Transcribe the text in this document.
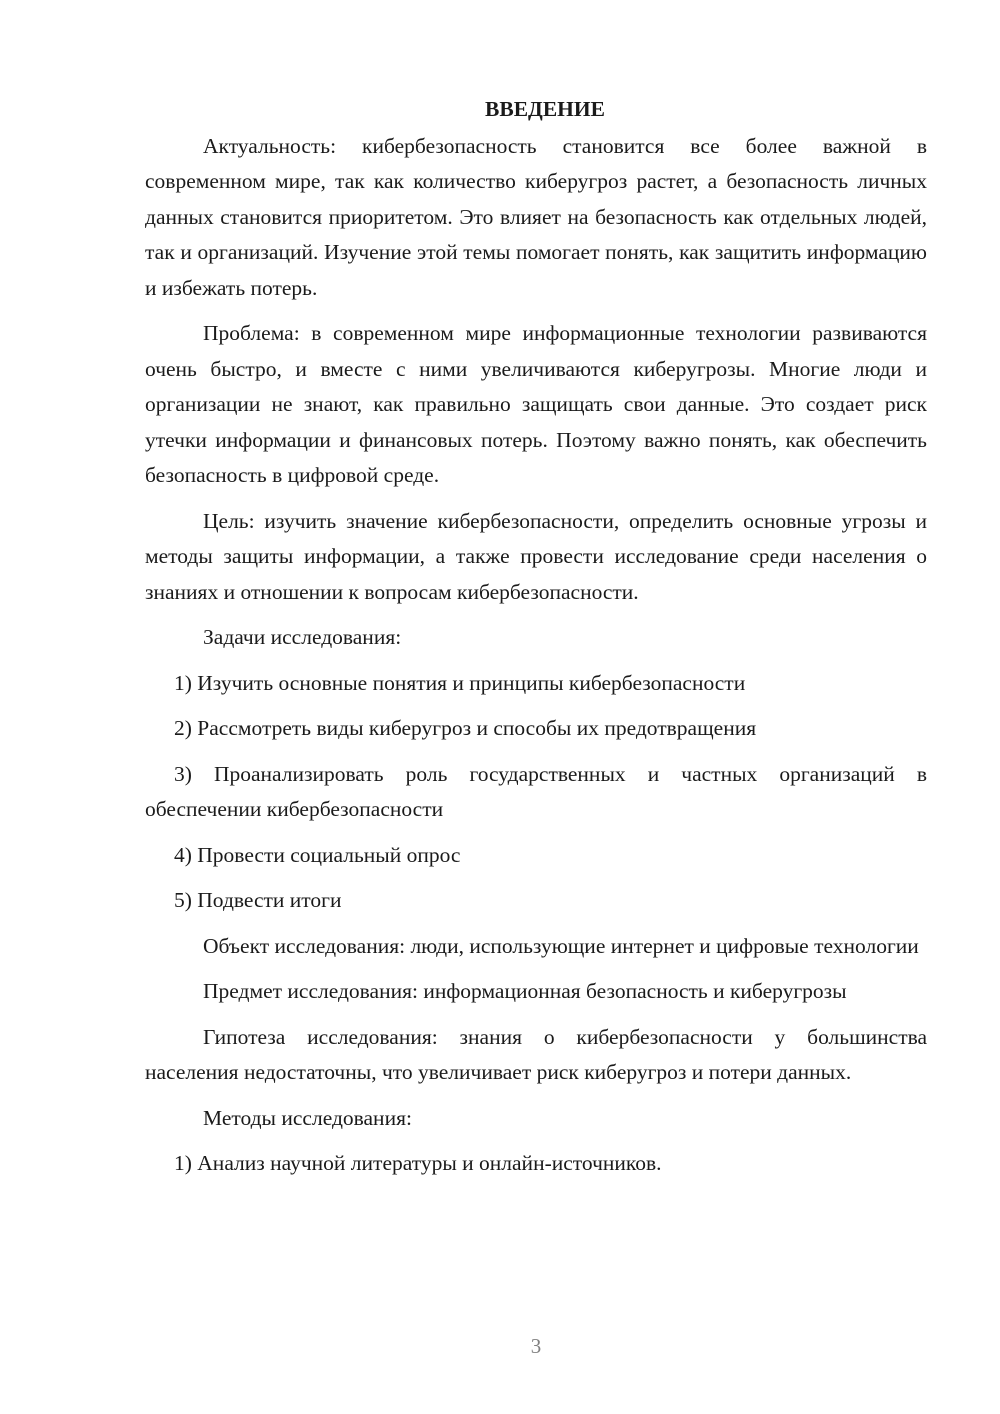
ВВЕДЕНИЕ

Актуальность: кибербезопасность становится все более важной в современном мире, так как количество киберугроз растет, а безопасность личных данных становится приоритетом. Это влияет на безопасность как отдельных людей, так и организаций. Изучение этой темы помогает понять, как защитить информацию и избежать потерь.

Проблема: в современном мире информационные технологии развиваются очень быстро, и вместе с ними увеличиваются киберугрозы. Многие люди и организации не знают, как правильно защищать свои данные. Это создает риск утечки информации и финансовых потерь. Поэтому важно понять, как обеспечить безопасность в цифровой среде.

Цель: изучить значение кибербезопасности, определить основные угрозы и методы защиты информации, а также провести исследование среди населения о знаниях и отношении к вопросам кибербезопасности.

Задачи исследования:

1) Изучить основные понятия и принципы кибербезопасности

2) Рассмотреть виды киберугроз и способы их предотвращения

3) Проанализировать роль государственных и частных организаций в обеспечении кибербезопасности

4) Провести социальный опрос

5) Подвести итоги

Объект исследования: люди, использующие интернет и цифровые технологии

Предмет исследования: информационная безопасность и киберугрозы

Гипотеза исследования: знания о кибербезопасности у большинства населения недостаточны, что увеличивает риск киберугроз и потери данных.

Методы исследования:

1) Анализ научной литературы и онлайн-источников.

3
